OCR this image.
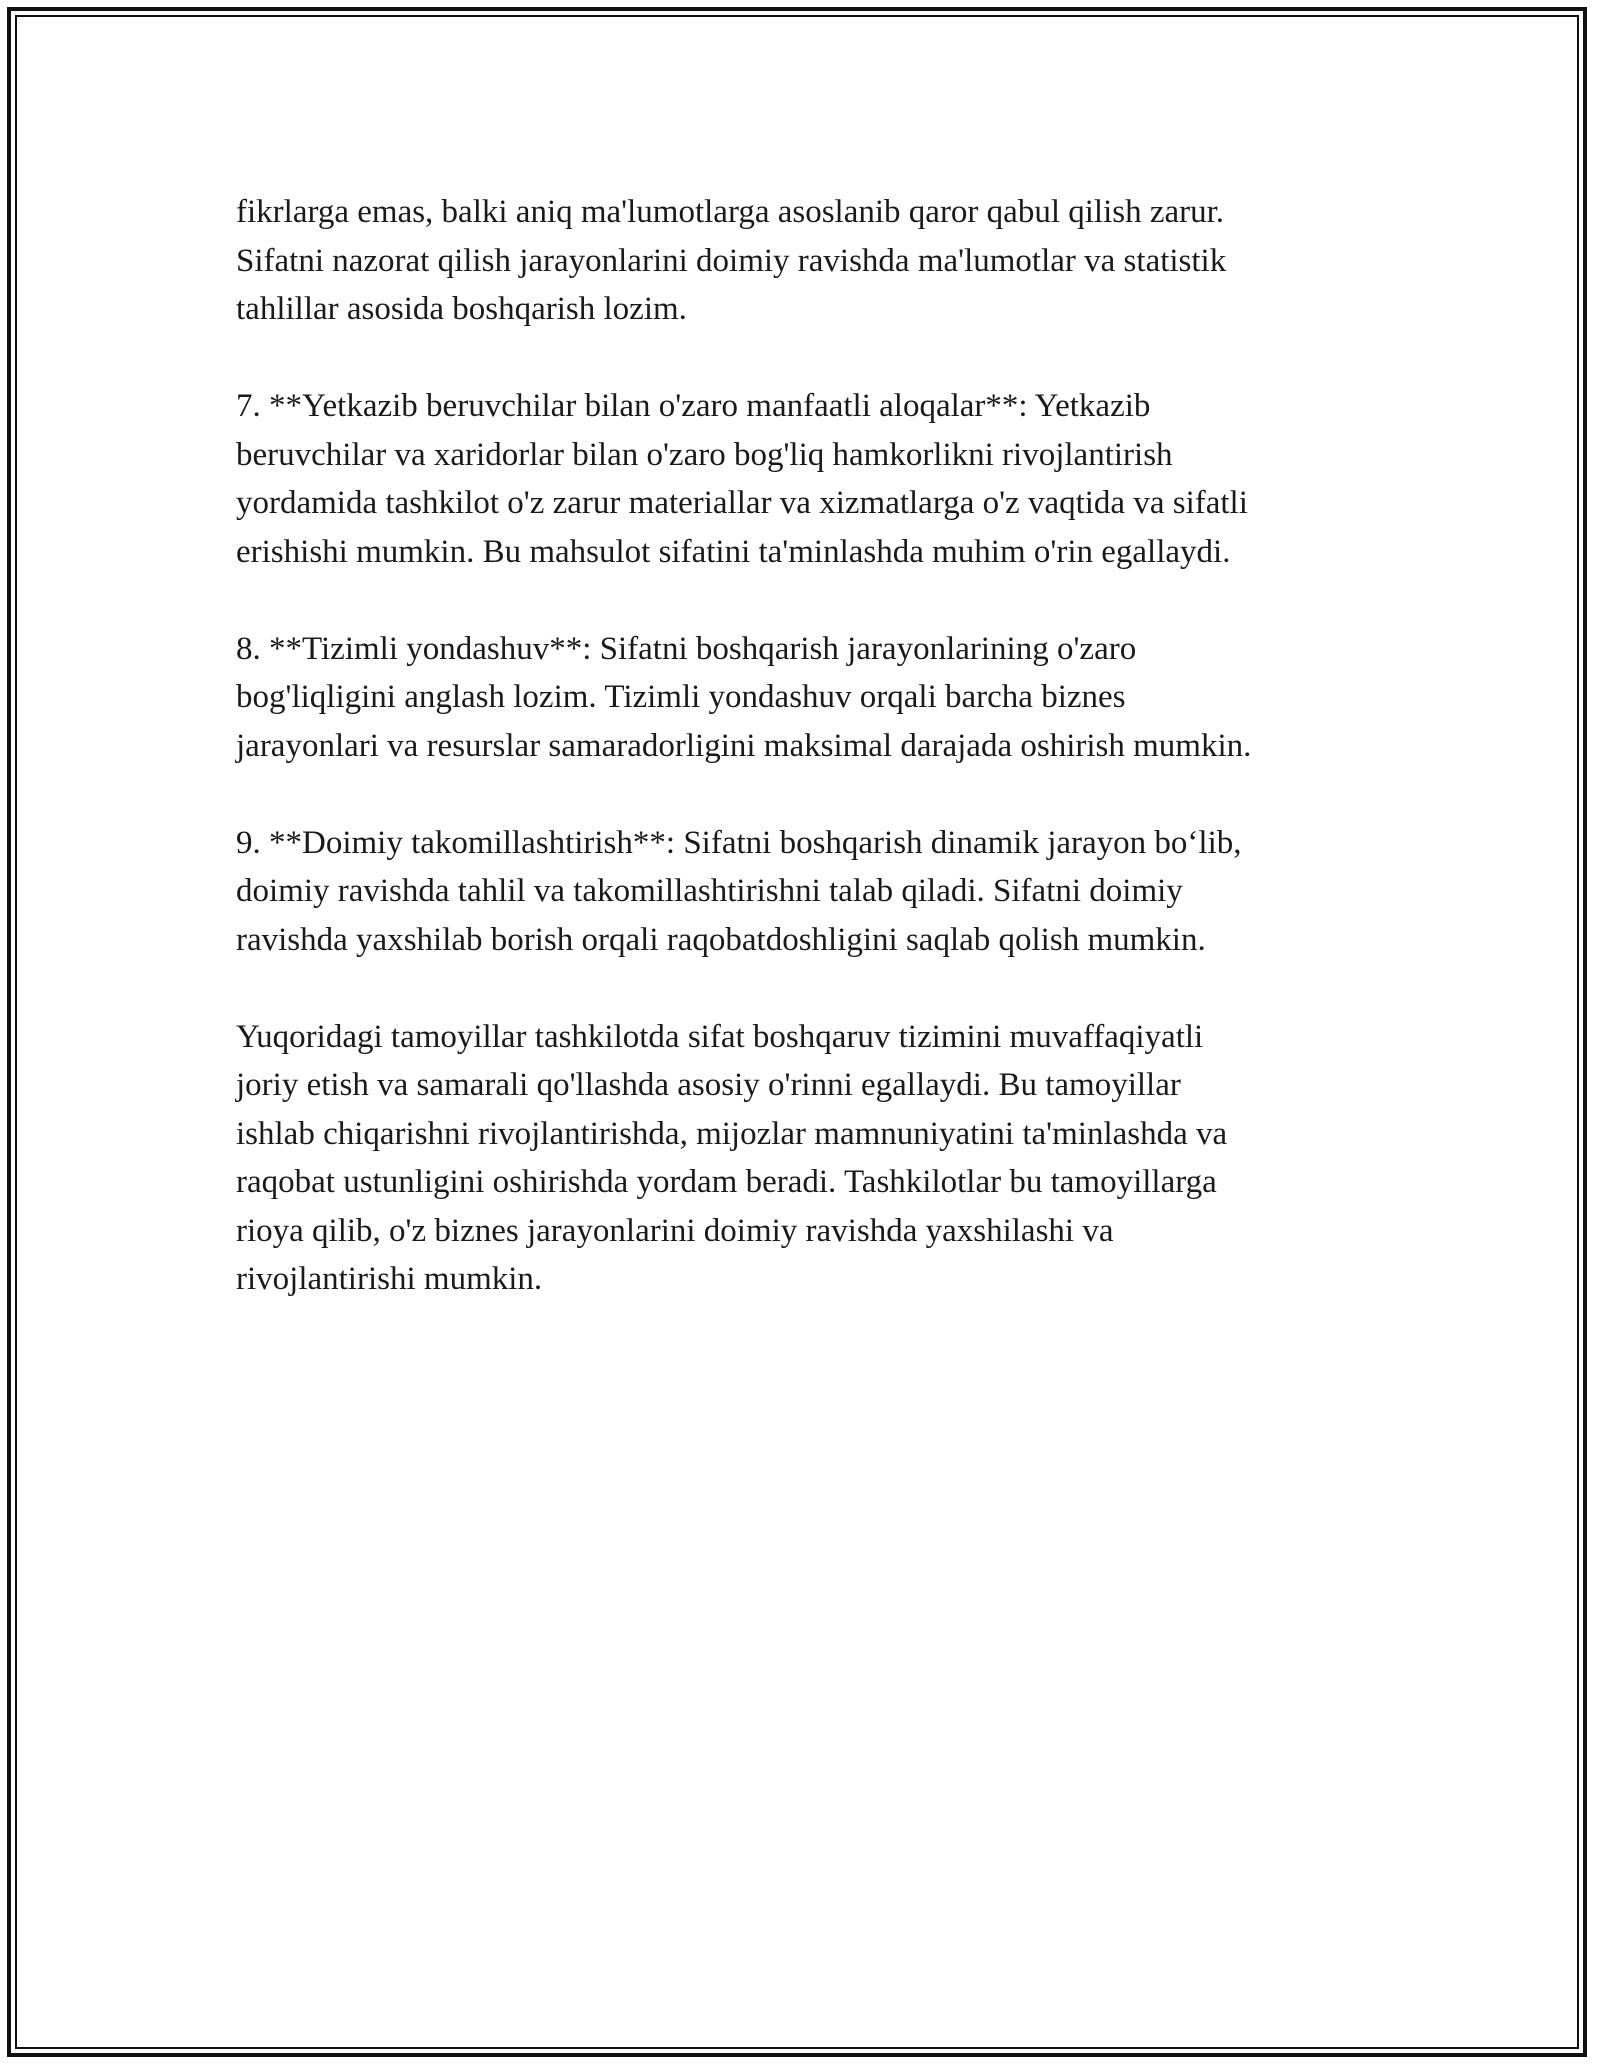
fikrlarga emas, balki aniq ma'lumotlarga asoslanib qaror qabul qilish zarur.
Sifatni nazorat qilish jarayonlarini doimiy ravishda ma'lumotlar va statistik
tahlillar asosida boshqarish lozim.

7. **Yetkazib beruvchilar bilan o'zaro manfaatli aloqalar**: Yetkazib
beruvchilar va xaridorlar bilan o'zaro bog'liq hamkorlikni rivojlantirish
yordamida tashkilot o'z zarur materiallar va xizmatlarga o'z vaqtida va sifatli
erishishi mumkin. Bu mahsulot sifatini ta'minlashda muhim o'rin egallaydi.

8. **Tizimli yondashuv**: Sifatni boshqarish jarayonlarining o'zaro
bog'liqligini anglash lozim. Tizimli yondashuv orqali barcha biznes
jarayonlari va resurslar samaradorligini maksimal darajada oshirish mumkin.

9. **Doimiy takomillashtirish**: Sifatni boshqarish dinamik jarayon bo‘lib,
doimiy ravishda tahlil va takomillashtirishni talab qiladi. Sifatni doimiy
ravishda yaxshilab borish orqali raqobatdoshligini saqlab qolish mumkin.

Yuqoridagi tamoyillar tashkilotda sifat boshqaruv tizimini muvaffaqiyatli
joriy etish va samarali qo'llashda asosiy o'rinni egallaydi. Bu tamoyillar
ishlab chiqarishni rivojlantirishda, mijozlar mamnuniyatini ta'minlashda va
raqobat ustunligini oshirishda yordam beradi. Tashkilotlar bu tamoyillarga
rioya qilib, o'z biznes jarayonlarini doimiy ravishda yaxshilashi va
rivojlantirishi mumkin.
